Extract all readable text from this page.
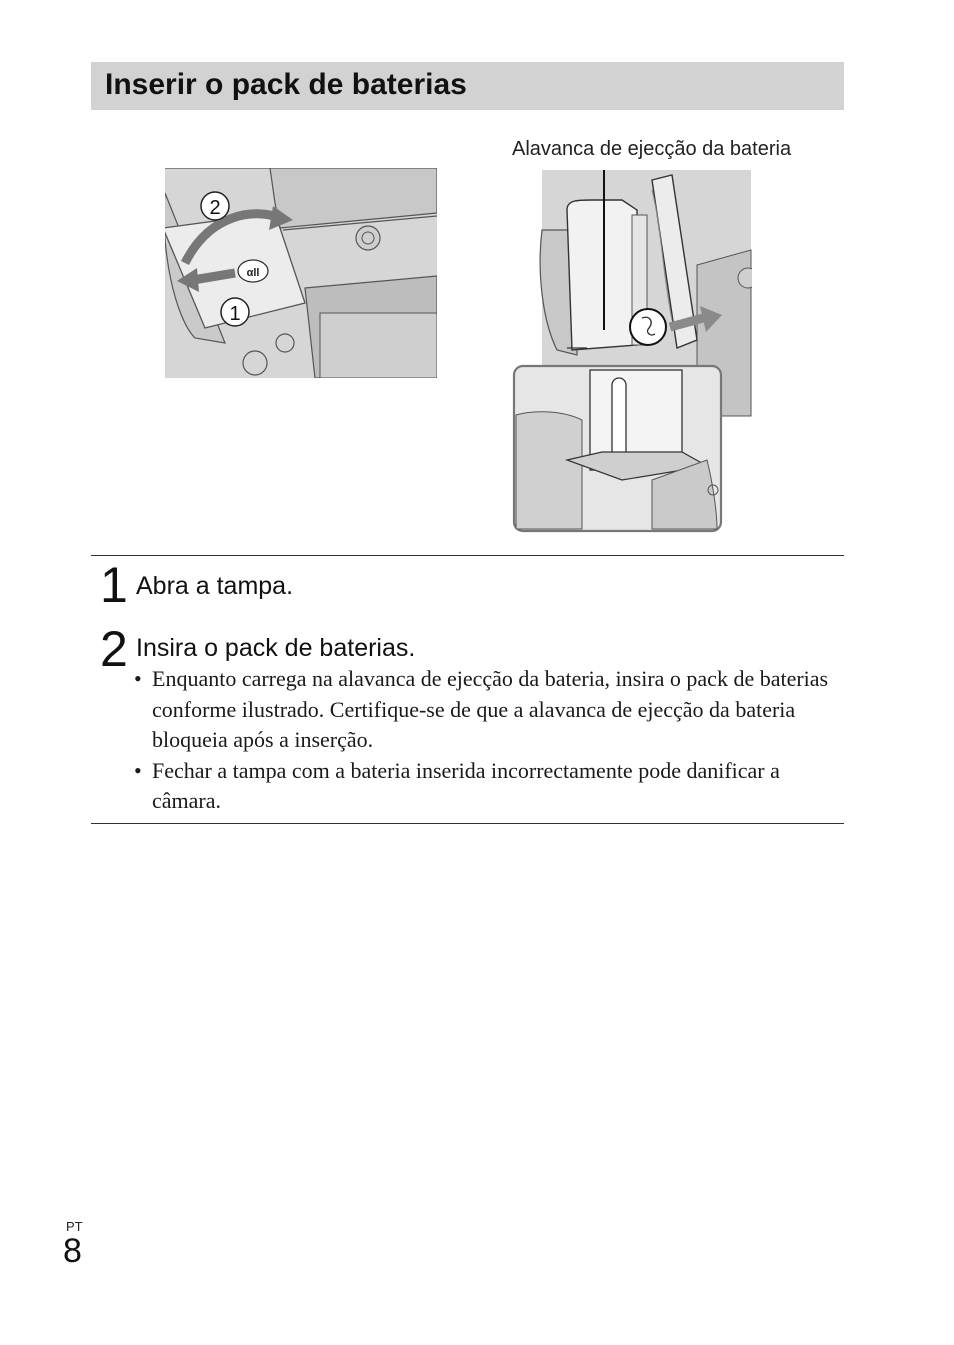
Inserir o pack de baterias
αll
2
1
Alavanca de ejecção da bateria
1 Abra a tampa.
2 Insira o pack de baterias.
• Enquanto carrega na alavanca de ejecção da bateria, insira o pack de baterias conforme ilustrado. Certifique-se de que a alavanca de ejecção da bateria bloqueia após a inserção.
• Fechar a tampa com a bateria inserida incorrectamente pode danificar a câmara.
PT
8
